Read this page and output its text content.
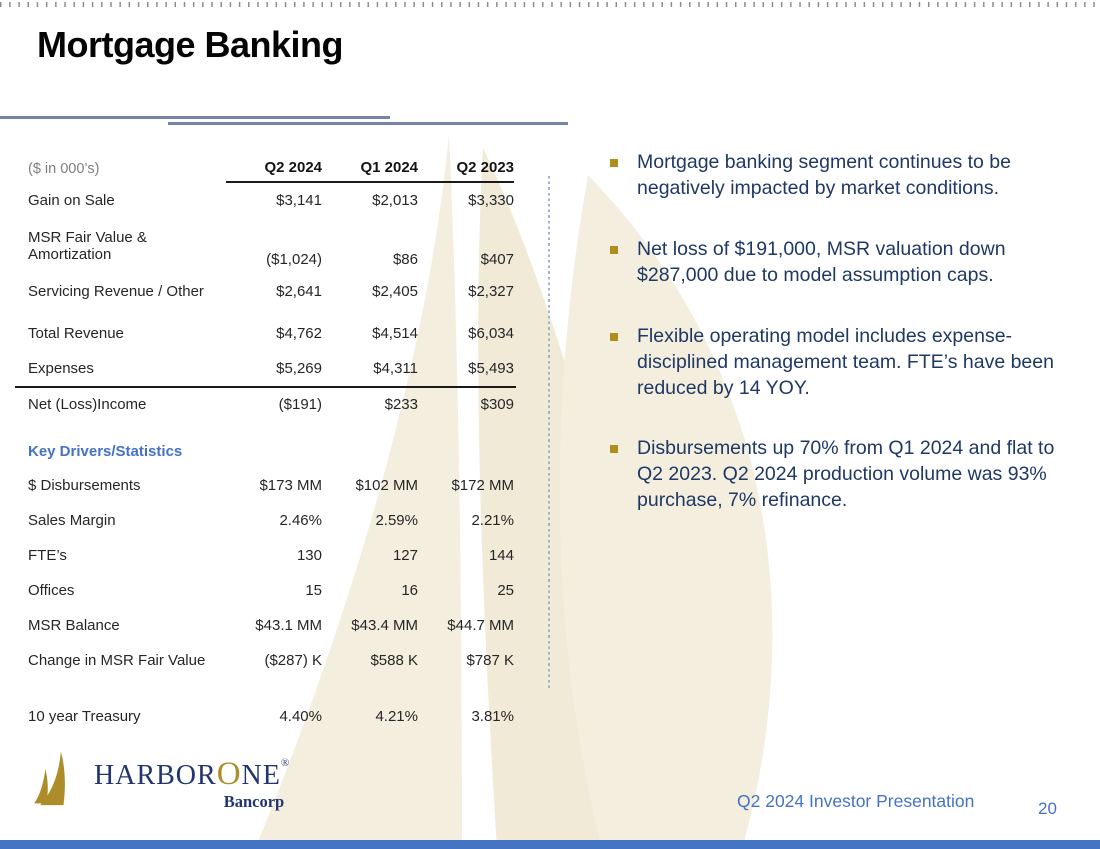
Mortgage Banking
($ in 000’s)	Q2 2024	Q1 2024	Q2 2023
Gain on Sale	$3,141	$2,013	$3,330
MSR Fair Value & Amortization	($1,024)	$86	$407
Servicing Revenue / Other	$2,641	$2,405	$2,327
Total Revenue	$4,762	$4,514	$6,034
Expenses	$5,269	$4,311	$5,493
Net (Loss)Income	($191)	$233	$309
Key Drivers/Statistics
$ Disbursements	$173 MM	$102 MM	$172 MM
Sales Margin	2.46%	2.59%	2.21%
FTE’s	130	127	144
Offices	15	16	25
MSR Balance	$43.1 MM	$43.4 MM	$44.7 MM
Change in MSR Fair Value	($287) K	$588 K	$787 K
10 year Treasury	4.40%	4.21%	3.81%
Mortgage banking segment continues to be negatively impacted by market conditions.
Net loss of $191,000, MSR valuation down $287,000 due to model assumption caps.
Flexible operating model includes expense-disciplined management team. FTE’s have been reduced by 14 YOY.
Disbursements up 70% from Q1 2024 and flat to Q2 2023. Q2 2024 production volume was 93% purchase, 7% refinance.
HARBORONE®
Bancorp	Q2 2024 Investor Presentation	20
